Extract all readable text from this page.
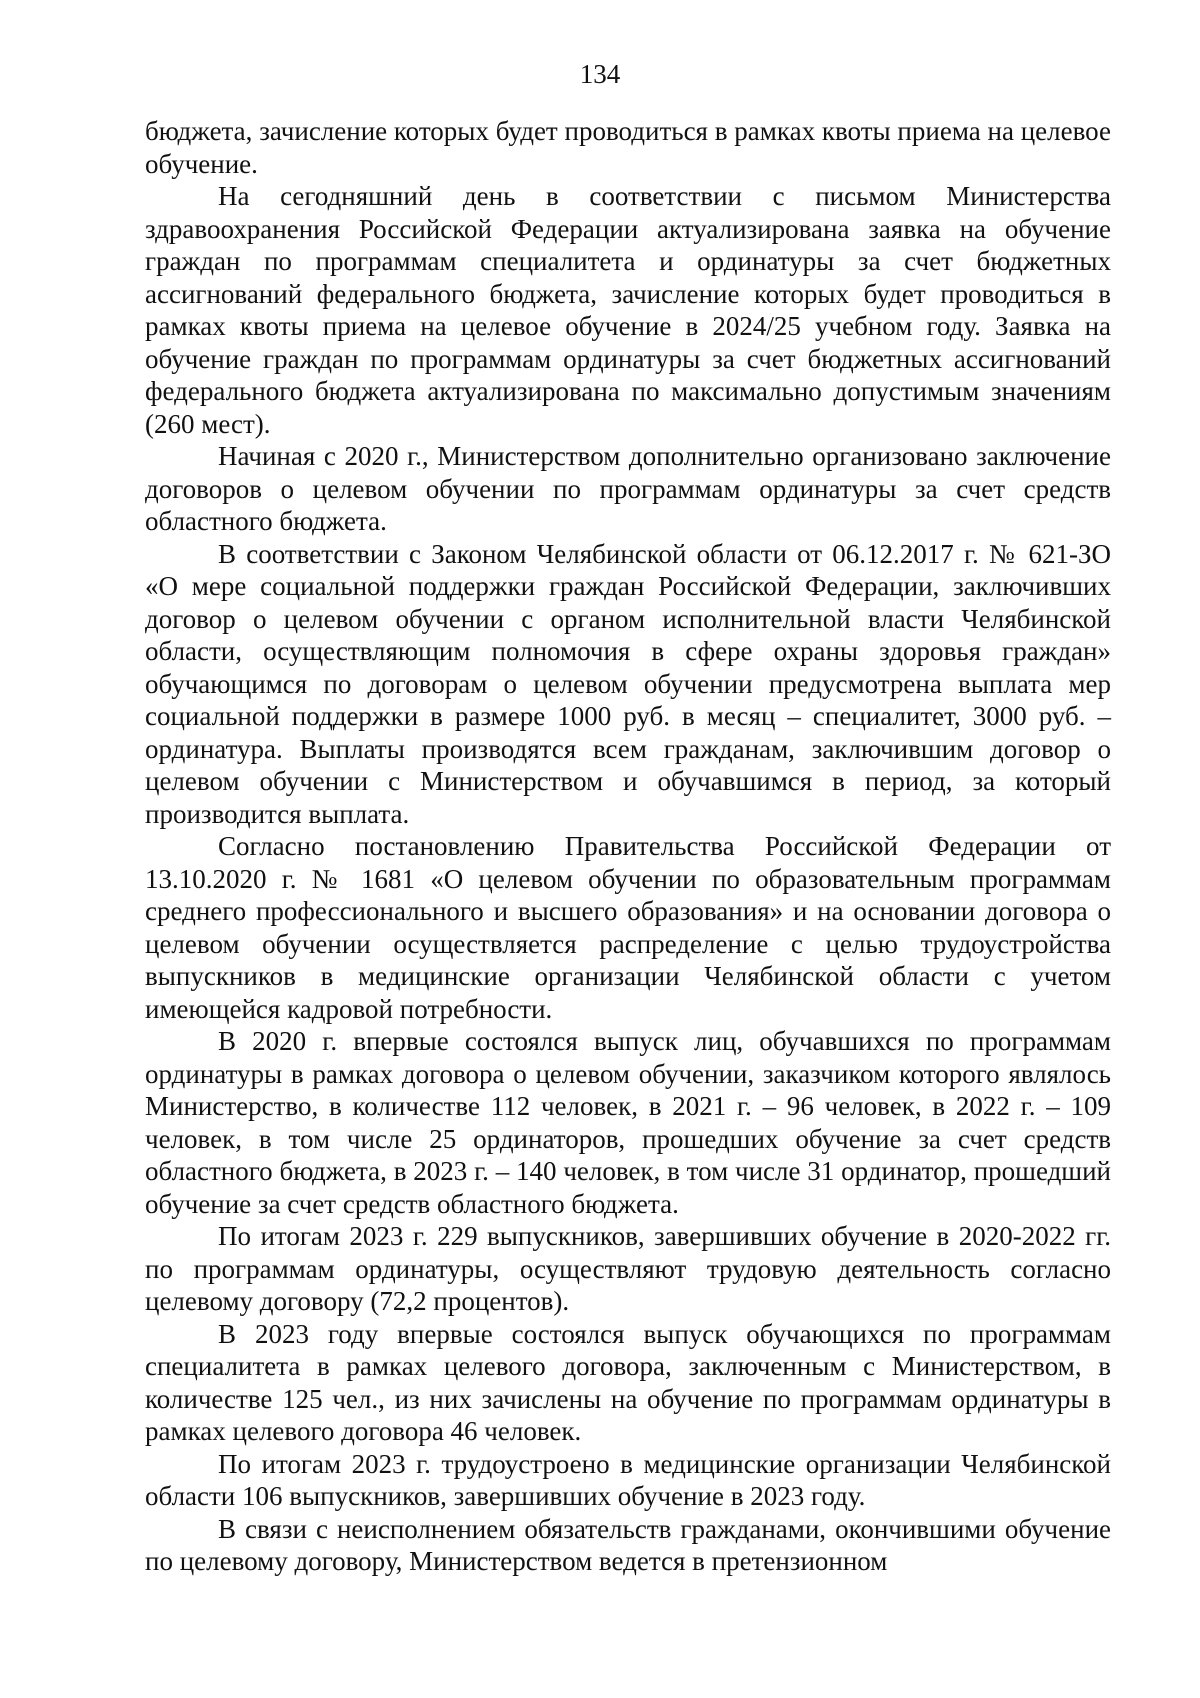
134

бюджета, зачисление которых будет проводиться в рамках квоты приема на целевое обучение.

На сегодняшний день в соответствии с письмом Министерства здравоохранения Российской Федерации актуализирована заявка на обучение граждан по программам специалитета и ординатуры за счет бюджетных ассигнований федерального бюджета, зачисление которых будет проводиться в рамках квоты приема на целевое обучение в 2024/25 учебном году. Заявка на обучение граждан по программам ординатуры за счет бюджетных ассигнований федерального бюджета актуализирована по максимально допустимым значениям (260 мест).

Начиная с 2020 г., Министерством дополнительно организовано заключение договоров о целевом обучении по программам ординатуры за счет средств областного бюджета.

В соответствии с Законом Челябинской области от 06.12.2017 г. № 621-ЗО «О мере социальной поддержки граждан Российской Федерации, заключивших договор о целевом обучении с органом исполнительной власти Челябинской области, осуществляющим полномочия в сфере охраны здоровья граждан» обучающимся по договорам о целевом обучении предусмотрена выплата мер социальной поддержки в размере 1000 руб. в месяц – специалитет, 3000 руб. – ординатура. Выплаты производятся всем гражданам, заключившим договор о целевом обучении с Министерством и обучавшимся в период, за который производится выплата.

Согласно постановлению Правительства Российской Федерации от 13.10.2020 г. № 1681 «О целевом обучении по образовательным программам среднего профессионального и высшего образования» и на основании договора о целевом обучении осуществляется распределение с целью трудоустройства выпускников в медицинские организации Челябинской области с учетом имеющейся кадровой потребности.

В 2020 г. впервые состоялся выпуск лиц, обучавшихся по программам ординатуры в рамках договора о целевом обучении, заказчиком которого являлось Министерство, в количестве 112 человек, в 2021 г. – 96 человек, в 2022 г. – 109 человек, в том числе 25 ординаторов, прошедших обучение за счет средств областного бюджета, в 2023 г. – 140 человек, в том числе 31 ординатор, прошедший обучение за счет средств областного бюджета.

По итогам 2023 г. 229 выпускников, завершивших обучение в 2020-2022 гг. по программам ординатуры, осуществляют трудовую деятельность согласно целевому договору (72,2 процентов).

В 2023 году впервые состоялся выпуск обучающихся по программам специалитета в рамках целевого договора, заключенным с Министерством, в количестве 125 чел., из них зачислены на обучение по программам ординатуры в рамках целевого договора 46 человек.

По итогам 2023 г. трудоустроено в медицинские организации Челябинской области 106 выпускников, завершивших обучение в 2023 году.

В связи с неисполнением обязательств гражданами, окончившими обучение по целевому договору, Министерством ведется в претензионном
